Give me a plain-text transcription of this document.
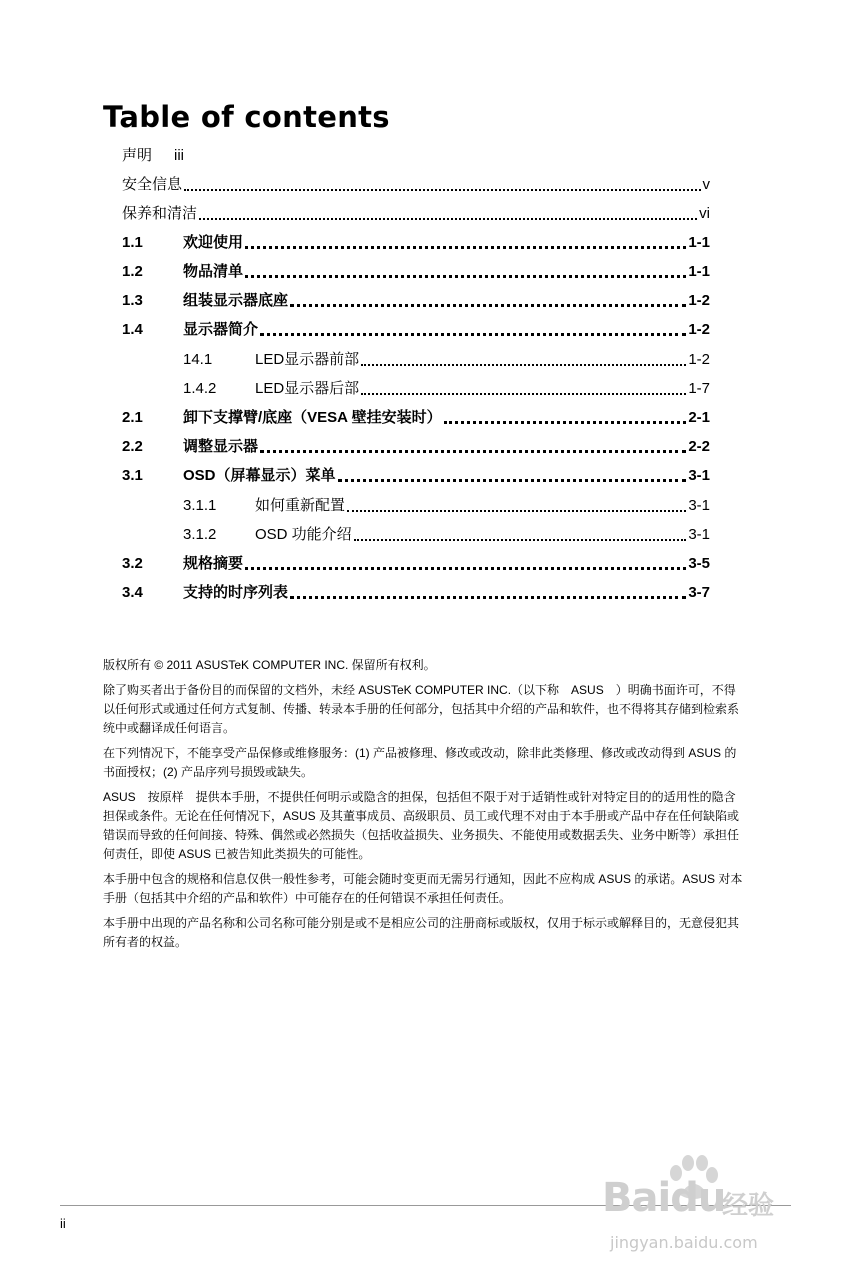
Table of contents
声明 iii
安全信息	v
保养和清洁	vi
1.1	欢迎使用	1-1
1.2	物品清单	1-1
1.3	组装显示器底座	1-2
1.4	显示器简介	1-2
14.1	LED显示器前部	1-2
1.4.2	LED显示器后部	1-7
2.1	卸下支撑臂/底座（VESA 壁挂安装时）	2-1
2.2	调整显示器	2-2
3.1	OSD（屏幕显示）菜单	3-1
3.1.1	如何重新配置	3-1
3.1.2	OSD 功能介绍	3-1
3.2	规格摘要	3-5
3.4	支持的时序列表	3-7

版权所有 © 2011 ASUSTeK COMPUTER INC. 保留所有权利。

除了购买者出于备份目的而保留的文档外，未经 ASUSTeK COMPUTER INC.（以下称　ASUS　）明确书面许可，不得以任何形式或通过任何方式复制、传播、转录本手册的任何部分，包括其中介绍的产品和软件，也不得将其存储到检索系统中或翻译成任何语言。

在下列情况下，不能享受产品保修或维修服务：(1) 产品被修理、修改或改动，除非此类修理、修改或改动得到 ASUS 的书面授权；(2) 产品序列号损毁或缺失。

ASUS　按原样　提供本手册，不提供任何明示或隐含的担保，包括但不限于对于适销性或针对特定目的的适用性的隐含担保或条件。无论在任何情况下，ASUS 及其董事成员、高级职员、员工或代理不对由于本手册或产品中存在任何缺陷或错误而导致的任何间接、特殊、偶然或必然损失（包括收益损失、业务损失、不能使用或数据丢失、业务中断等）承担任何责任，即使 ASUS 已被告知此类损失的可能性。

本手册中包含的规格和信息仅供一般性参考，可能会随时变更而无需另行通知，因此不应构成 ASUS 的承诺。ASUS 对本手册（包括其中介绍的产品和软件）中可能存在的任何错误不承担任何责任。

本手册中出现的产品名称和公司名称可能分别是或不是相应公司的注册商标或版权，仅用于标示或解释目的，无意侵犯其所有者的权益。

ii
Baidu
经验
jingyan.baidu.com
